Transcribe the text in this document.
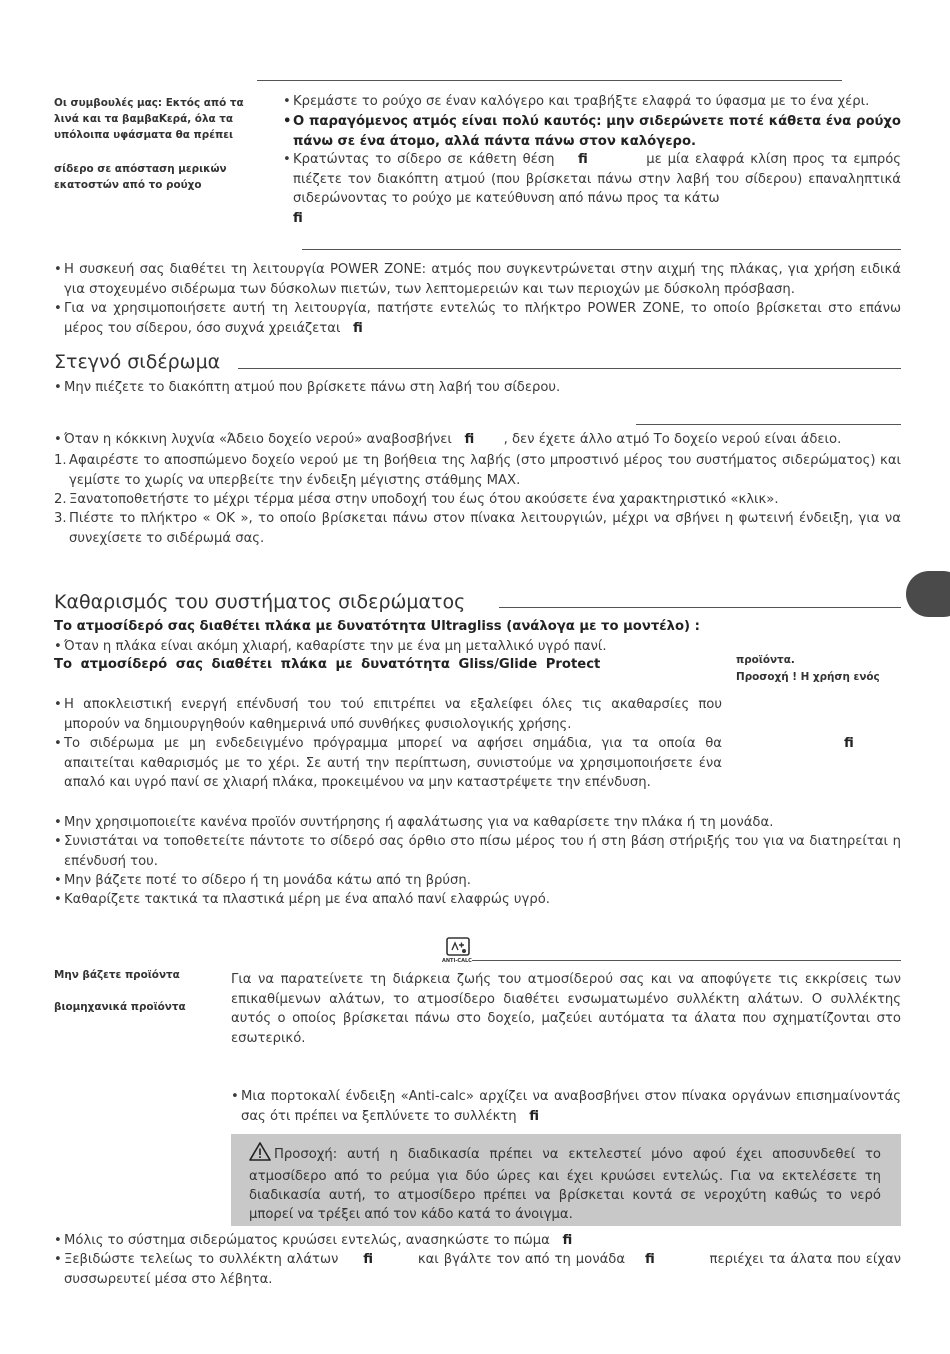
Οι συμβουλές μας: Εκτός από τα λινά και τα βαμβαΚερά, όλα τα υπόλοιπα υφάσματα θα πρέπει
σίδερο σε απόσταση μερικών εκατοστών από το ρούχο
• Κρεμάστε το ρούχο σε έναν καλόγερο και τραβήξτε ελαφρά το ύφασμα με το ένα χέρι.
• Ο παραγόμενος ατμός είναι πολύ καυτός: μην σιδερώνετε ποτέ κάθετα ένα ρούχο πάνω σε ένα άτομο, αλλά πάντα πάνω στον καλόγερο.
• Κρατώντας το σίδερο σε κάθετη θέση ﬁ	με μία ελαφρά κλίση προς τα εμπρός πιέζετε τον διακόπτη ατμού (που βρίσκεται πάνω στην λαβή του σίδερου) επαναληπτικά σιδερώνοντας το ρούχο με κατεύθυνση από πάνω προς τα κάτω
ﬁ
• Η συσκευή σας διαθέτει τη λειτουργία POWER ZONE: ατμός που συγκεντρώνεται στην αιχμή της πλάκας, για χρήση ειδικά για στοχευμένο σιδέρωμα των δύσκολων πιετών, των λεπτομερειών και των περιοχών με δύσκολη πρόσβαση.
• Για να χρησιμοποιήσετε αυτή τη λειτουργία, πατήστε εντελώς το πλήκτρο POWER ZONE, το οποίο βρίσκεται στο επάνω μέρος του σίδερου, όσο συχνά χρειάζεται ﬁ
Στεγνό σιδέρωμα
• Μην πιέζετε το διακόπτη ατμού που βρίσκετε πάνω στη λαβή του σίδερου.
• Όταν η κόκκινη λυχνία «Άδειο δοχείο νερού» αναβοσβήνει ﬁ , δεν έχετε άλλο ατμό Το δοχείο νερού είναι άδειο.
1. Αφαιρέστε το αποσπώμενο δοχείο νερού με τη βοήθεια της λαβής (στο μπροστινό μέρος του συστήματος σιδερώματος) και γεμίστε το χωρίς να υπερβείτε την ένδειξη μέγιστης στάθμης MAX.
2. Ξανατοποθετήστε το μέχρι τέρμα μέσα στην υποδοχή του έως ότου ακούσετε ένα χαρακτηριστικό «κλικ».
3. Πιέστε το πλήκτρο « OK », το οποίο βρίσκεται πάνω στον πίνακα λειτουργιών, μέχρι να σβήνει η φωτεινή ένδειξη, για να συνεχίσετε το σιδέρωμά σας.
Καθαρισμός του συστήματος σιδερώματος
Το ατμοσίδερό σας διαθέτει πλάκα με δυνατότητα Ultragliss (ανάλογα με το μοντέλο) :
• Όταν η πλάκα είναι ακόμη χλιαρή, καθαρίστε την με ένα μη μεταλλικό υγρό πανί.
Το ατμοσίδερό σας διαθέτει πλάκα με δυνατότητα Gliss/Glide Protect	προϊόντα.
Προσοχή ! Η χρήση ενός
ﬁ
• Η αποκλειστική ενεργή επένδυσή του τού επιτρέπει να εξαλείφει όλες τις ακαθαρσίες που μπορούν να δημιουργηθούν καθημερινά υπό συνθήκες φυσιολογικής χρήσης.
• Το σιδέρωμα με μη ενδεδειγμένο πρόγραμμα μπορεί να αφήσει σημάδια, για τα οποία θα απαιτείται καθαρισμός με το χέρι. Σε αυτή την περίπτωση, συνιστούμε να χρησιμοποιήσετε ένα απαλό και υγρό πανί σε χλιαρή πλάκα, προκειμένου να μην καταστρέψετε την επένδυση.
• Μην χρησιμοποιείτε κανένα προϊόν συντήρησης ή αφαλάτωσης για να καθαρίσετε την πλάκα ή τη μονάδα.
• Συνιστάται να τοποθετείτε πάντοτε το σίδερό σας όρθιο στο πίσω μέρος του ή στη βάση στήριξής του για να διατηρείται η επένδυσή του.
• Μην βάζετε ποτέ το σίδερο ή τη μονάδα κάτω από τη βρύση.
• Καθαρίζετε τακτικά τα πλαστικά μέρη με ένα απαλό πανί ελαφρώς υγρό.
ANTI-CALC
Μην βάζετε προϊόντα
βιομηχανικά προϊόντα

Για να παρατείνετε τη διάρκεια ζωής του ατμοσίδερού σας και να αποφύγετε τις εκκρίσεις των επικαθίμενων αλάτων, το ατμοσίδερο διαθέτει ενσωματωμένο συλλέκτη αλάτων. Ο συλλέκτης αυτός ο οποίος βρίσκεται πάνω στο δοχείο, μαζεύει αυτόματα τα άλατα που σχηματίζονται στο εσωτερικό.

• Μια πορτοκαλί ένδειξη «Anti-calc» αρχίζει να αναβοσβήνει στον πίνακα οργάνων επισημαίνοντάς σας ότι πρέπει να ξεπλύνετε το συλλέκτη ﬁ
Προσοχή: αυτή η διαδικασία πρέπει να εκτελεστεί μόνο αφού έχει αποσυνδεθεί το ατμοσίδερο από το ρεύμα για δύο ώρες και έχει κρυώσει εντελώς. Για να εκτελέσετε τη διαδικασία αυτή, το ατμοσίδερο πρέπει να βρίσκεται κοντά σε νεροχύτη καθώς το νερό μπορεί να τρέξει από τον κάδο κατά το άνοιγμα.
• Μόλις το σύστημα σιδερώματος κρυώσει εντελώς, ανασηκώστε το πώμα ﬁ
• Ξεβιδώστε τελείως το συλλέκτη αλάτων ﬁ	και βγάλτε τον από τη μονάδα ﬁ	περιέχει τα άλατα που είχαν συσσωρευτεί μέσα στο λέβητα.
